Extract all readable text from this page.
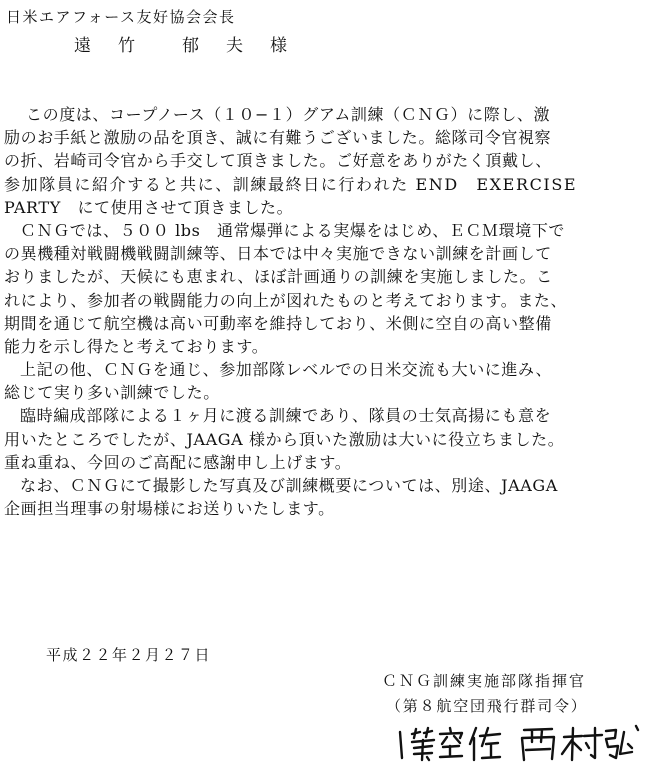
日米エアフォース友好協会会長
遠 竹	郁 夫 様
この度は、コープノース（１０−１）グアム訓練（ＣＮＧ）に際し、激
励のお手紙と激励の品を頂き、誠に有難うございました。総隊司令官視察
の折、岩崎司令官から手交して頂きました。ご好意をありがたく頂戴し、
参加隊員に紹介すると共に、訓練最終日に行われた END　EXERCISE
PARTY　にて使用させて頂きました。
ＣＮＧでは、５００ lbs　通常爆弾による実爆をはじめ、ＥＣＭ環境下で
の異機種対戦闘機戦闘訓練等、日本では中々実施できない訓練を計画して
おりましたが、天候にも恵まれ、ほぼ計画通りの訓練を実施しました。こ
れにより、参加者の戦闘能力の向上が図れたものと考えております。また、
期間を通じて航空機は高い可動率を維持しており、米側に空自の高い整備
能力を示し得たと考えております。
上記の他、ＣＮＧを通じ、参加部隊レベルでの日米交流も大いに進み、
総じて実り多い訓練でした。
臨時編成部隊による１ヶ月に渡る訓練であり、隊員の士気高揚にも意を
用いたところでしたが、JAAGA 様から頂いた激励は大いに役立ちました。
重ね重ね、今回のご高配に感謝申し上げます。
なお、ＣＮＧにて撮影した写真及び訓練概要については、別途、JAAGA
企画担当理事の射場様にお送りいたします。
平成２２年２月２７日
ＣＮＧ訓練実施部隊指揮官
（第８航空団飛行群司令）
